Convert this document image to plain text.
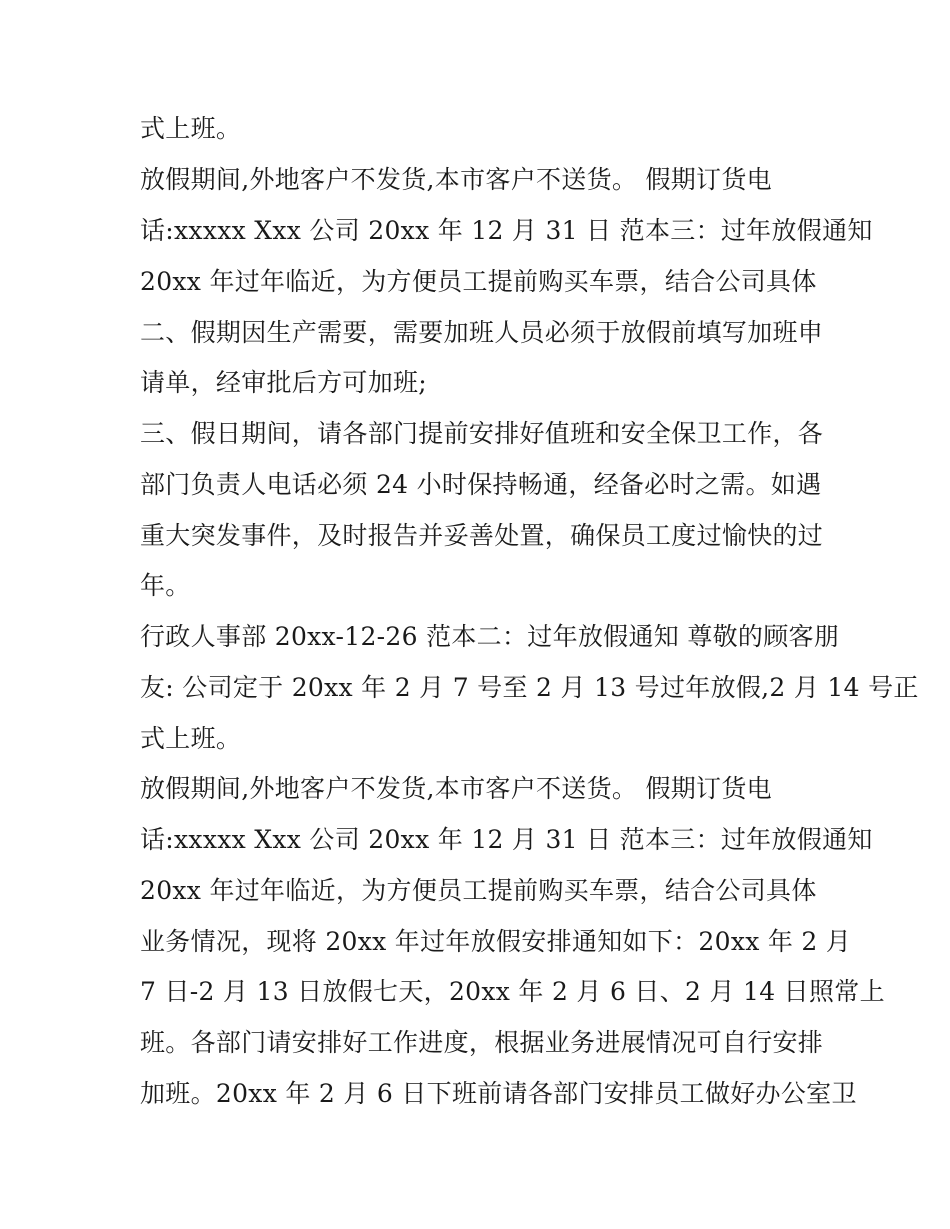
式上班。
放假期间,外地客户不发货,本市客户不送货。 假期订货电
话:xxxxx Xxx 公司 20xx 年 12 月 31 日 范本三：过年放假通知
20xx 年过年临近，为方便员工提前购买车票，结合公司具体
二、假期因生产需要，需要加班人员必须于放假前填写加班申
请单，经审批后方可加班;
三、假日期间，请各部门提前安排好值班和安全保卫工作，各
部门负责人电话必须 24 小时保持畅通，经备必时之需。如遇
重大突发事件，及时报告并妥善处置，确保员工度过愉快的过
年。
行政人事部 20xx-12-26 范本二：过年放假通知 尊敬的顾客朋
友: 公司定于 20xx 年 2 月 7 号至 2 月 13 号过年放假,2 月 14 号正
式上班。
放假期间,外地客户不发货,本市客户不送货。 假期订货电
话:xxxxx Xxx 公司 20xx 年 12 月 31 日 范本三：过年放假通知
20xx 年过年临近，为方便员工提前购买车票，结合公司具体
业务情况，现将 20xx 年过年放假安排通知如下：20xx 年 2 月
7 日-2 月 13 日放假七天，20xx 年 2 月 6 日、2 月 14 日照常上
班。各部门请安排好工作进度，根据业务进展情况可自行安排
加班。20xx 年 2 月 6 日下班前请各部门安排员工做好办公室卫
